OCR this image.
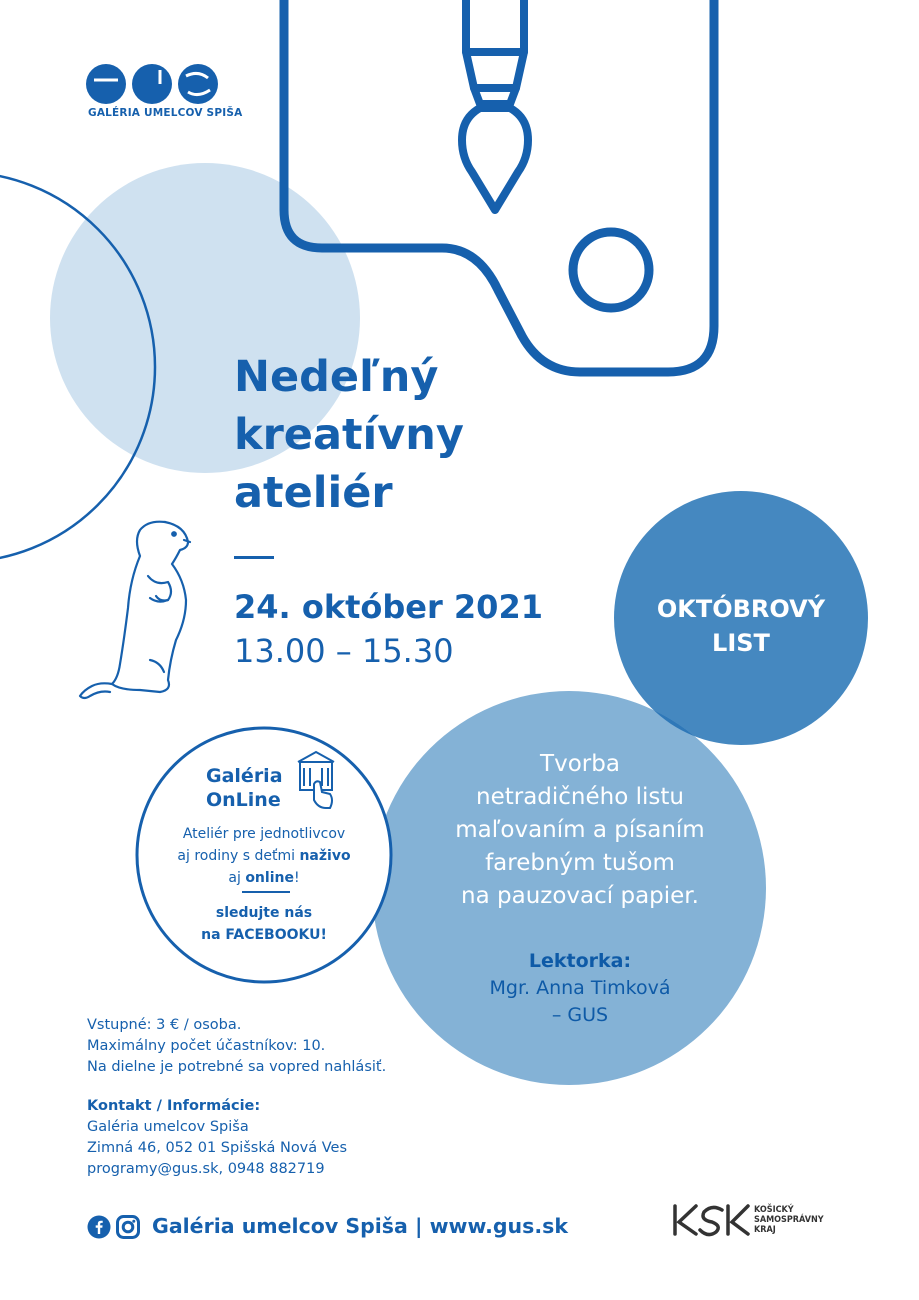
GALÉRIA UMELCOV SPIŠA
Nedeľný
kreatívny
ateliér
24. október 2021
13.00 – 15.30
OKTÓBROVÝ
LIST
Tvorba
netradičného listu
maľovaním a písaním
farebným tušom
na pauzovací papier.
Lektorka:
Mgr. Anna Timková
– GUS
Galéria
OnLine
Ateliér pre jednotlivcov
aj rodiny s deťmi naživo
aj online!
sledujte nás
na FACEBOOKU!
Vstupné: 3 € / osoba.
Maximálny počet účastníkov: 10.
Na dielne je potrebné sa vopred nahlásiť.
Kontakt / Informácie:
Galéria umelcov Spiša
Zimná 46, 052 01 Spišská Nová Ves
programy@gus.sk, 0948 882719
Galéria umelcov Spiša | www.gus.sk
KOŠICKÝ
SAMOSPRÁVNY
KRAJ
